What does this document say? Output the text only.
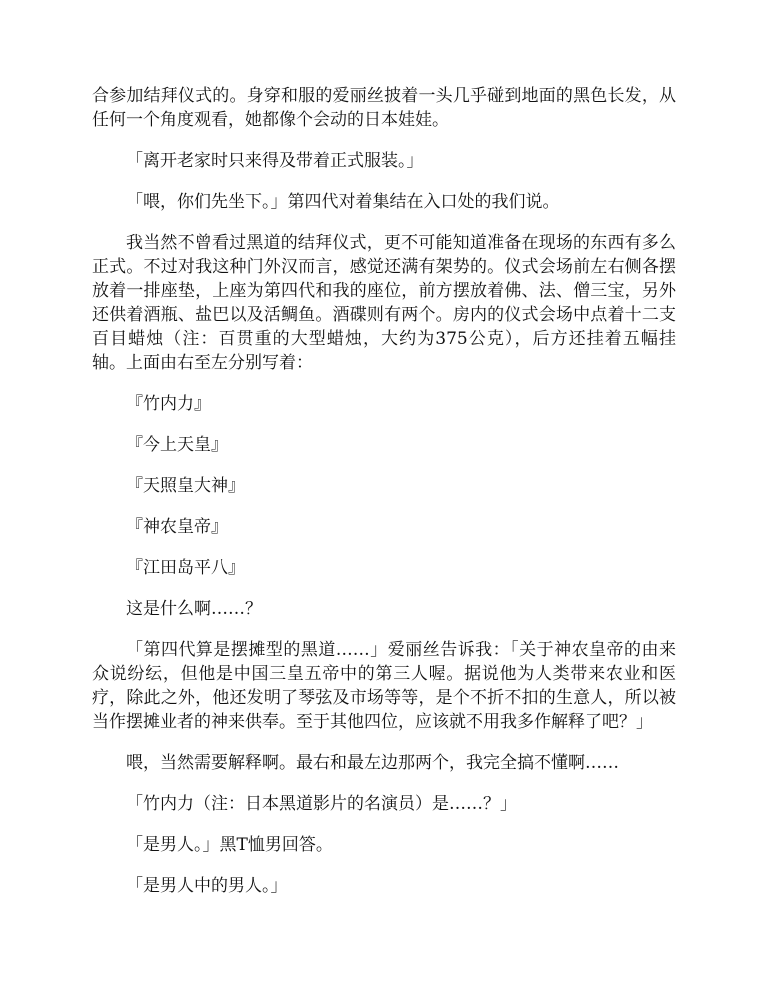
合参加结拜仪式的。身穿和服的爱丽丝披着一头几乎碰到地面的黑色长发，从任何一个角度观看，她都像个会动的日本娃娃。

「离开老家时只来得及带着正式服装。」

「喂，你们先坐下。」第四代对着集结在入口处的我们说。

我当然不曾看过黑道的结拜仪式，更不可能知道准备在现场的东西有多么正式。不过对我这种门外汉而言，感觉还满有架势的。仪式会场前左右侧各摆放着一排座垫，上座为第四代和我的座位，前方摆放着佛、法、僧三宝，另外还供着酒瓶、盐巴以及活鲷鱼。酒碟则有两个。房内的仪式会场中点着十二支百目蜡烛（注：百贯重的大型蜡烛，大约为375公克），后方还挂着五幅挂轴。上面由右至左分别写着：

『竹内力』

『今上天皇』

『天照皇大神』

『神农皇帝』

『江田岛平八』

这是什么啊……？

「第四代算是摆摊型的黑道……」爱丽丝告诉我：「关于神农皇帝的由来众说纷纭，但他是中国三皇五帝中的第三人喔。据说他为人类带来农业和医疗，除此之外，他还发明了琴弦及市场等等，是个不折不扣的生意人，所以被当作摆摊业者的神来供奉。至于其他四位，应该就不用我多作解释了吧？」

喂，当然需要解释啊。最右和最左边那两个，我完全搞不懂啊……

「竹内力（注：日本黑道影片的名演员）是……？」

「是男人。」黑T恤男回答。

「是男人中的男人。」
